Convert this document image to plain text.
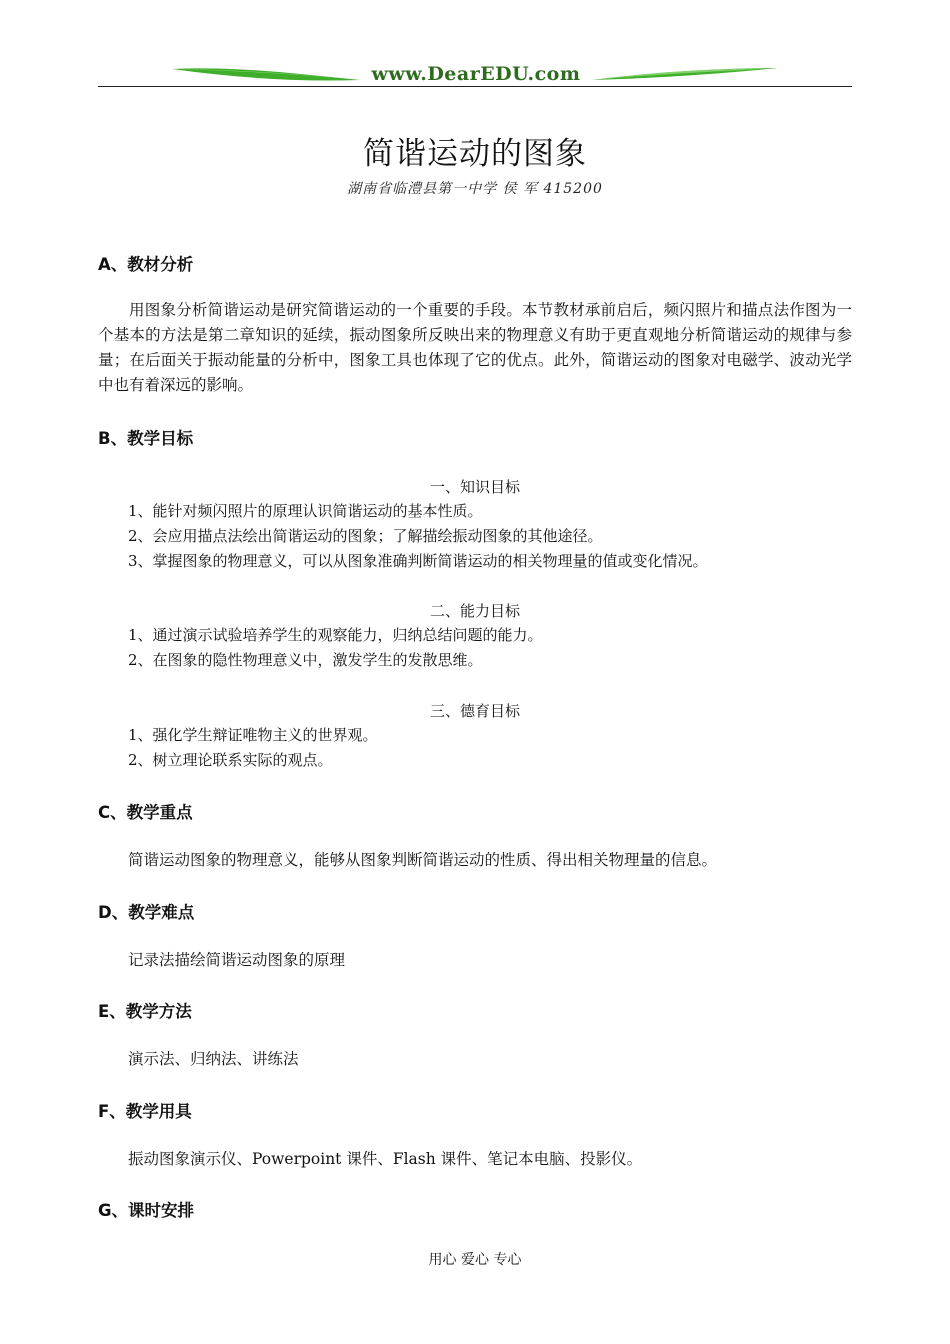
www.DearEDU.com
简谐运动的图象
湖南省临澧县第一中学 侯 军 415200
A、教材分析
用图象分析简谐运动是研究简谐运动的一个重要的手段。本节教材承前启后，频闪照片和描点法作图为一个基本的方法是第二章知识的延续，振动图象所反映出来的物理意义有助于更直观地分析简谐运动的规律与参量；在后面关于振动能量的分析中，图象工具也体现了它的优点。此外，简谐运动的图象对电磁学、波动光学中也有着深远的影响。
B、教学目标
一、知识目标
1、能针对频闪照片的原理认识简谐运动的基本性质。
2、会应用描点法绘出简谐运动的图象；了解描绘振动图象的其他途径。
3、掌握图象的物理意义，可以从图象准确判断简谐运动的相关物理量的值或变化情况。
二、能力目标
1、通过演示试验培养学生的观察能力，归纳总结问题的能力。
2、在图象的隐性物理意义中，激发学生的发散思维。
三、德育目标
1、强化学生辩证唯物主义的世界观。
2、树立理论联系实际的观点。
C、教学重点
简谐运动图象的物理意义，能够从图象判断简谐运动的性质、得出相关物理量的信息。
D、教学难点
记录法描绘简谐运动图象的原理
E、教学方法
演示法、归纳法、讲练法
F、教学用具
振动图象演示仪、Powerpoint 课件、Flash 课件、笔记本电脑、投影仪。
G、课时安排
用心 爱心 专心
